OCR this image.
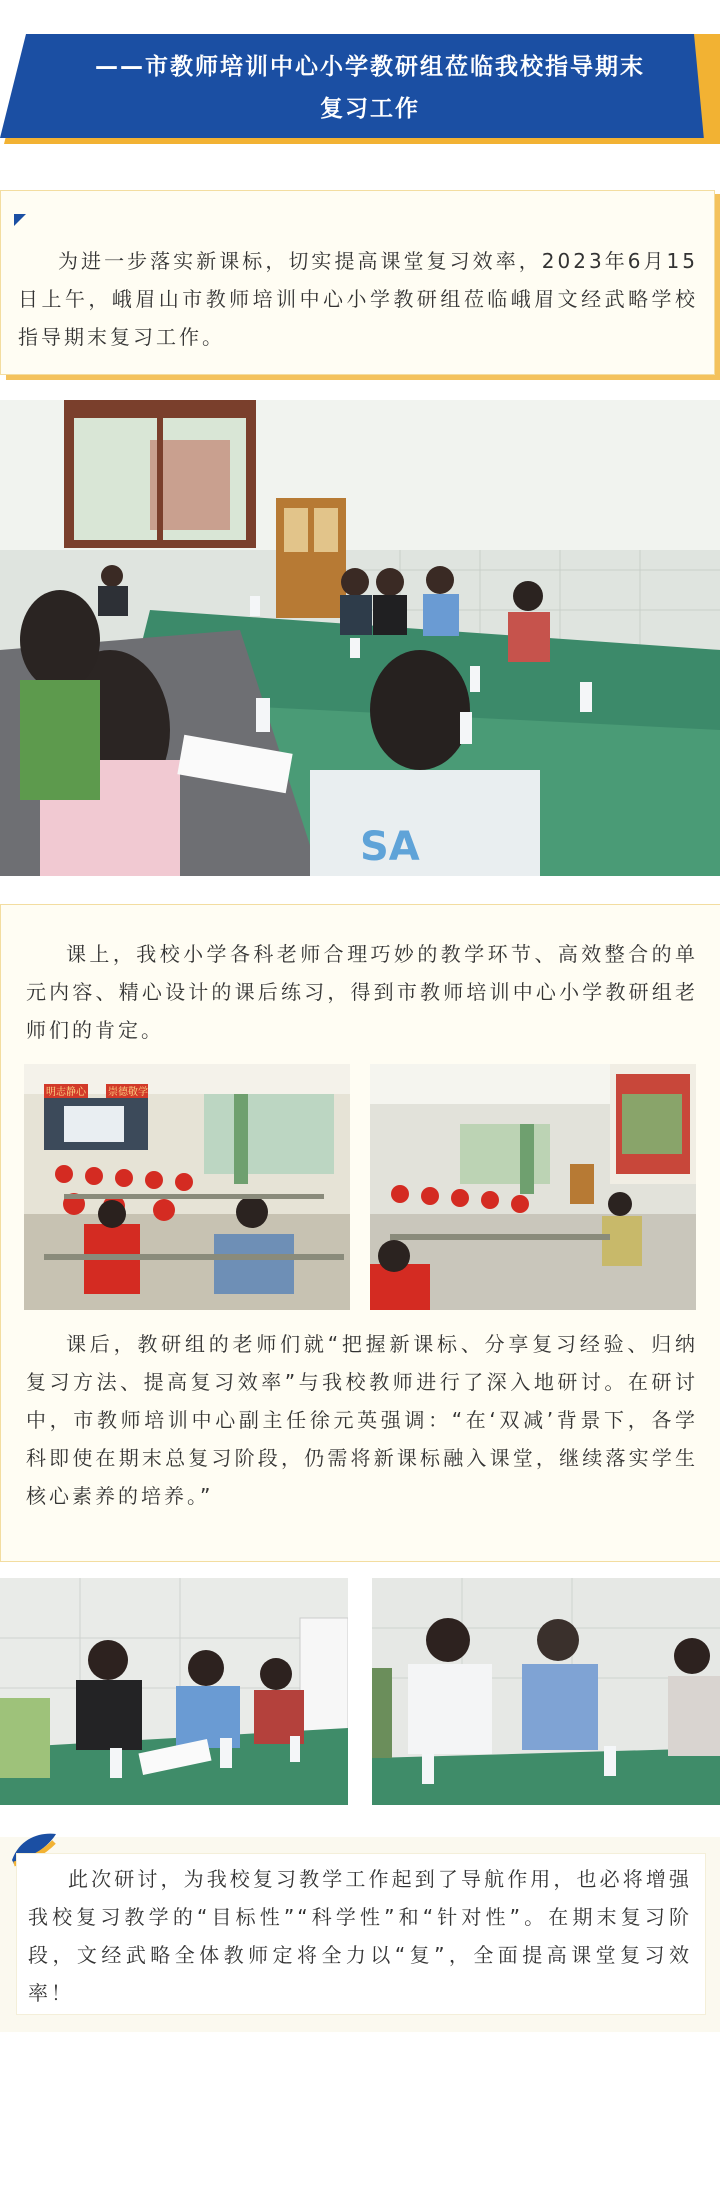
——市教师培训中心小学教研组莅临我校指导期末
复习工作
为进一步落实新课标，切实提高课堂复习效率，2023年6月15日上午，峨眉山市教师培训中心小学教研组莅临峨眉文经武略学校指导期末复习工作。
SA
课上，我校小学各科老师合理巧妙的教学环节、高效整合的单元内容、精心设计的课后练习，得到市教师培训中心小学教研组老师们的肯定。
明志静心 崇德敬学
课后，教研组的老师们就“把握新课标、分享复习经验、归纳复习方法、提高复习效率”与我校教师进行了深入地研讨。在研讨中，市教师培训中心副主任徐元英强调：“在‘双减’背景下，各学科即使在期末总复习阶段，仍需将新课标融入课堂，继续落实学生核心素养的培养。”
此次研讨，为我校复习教学工作起到了导航作用，也必将增强我校复习教学的“目标性”“科学性”和“针对性”。在期末复习阶段，文经武略全体教师定将全力以“复”，全面提高课堂复习效率！
